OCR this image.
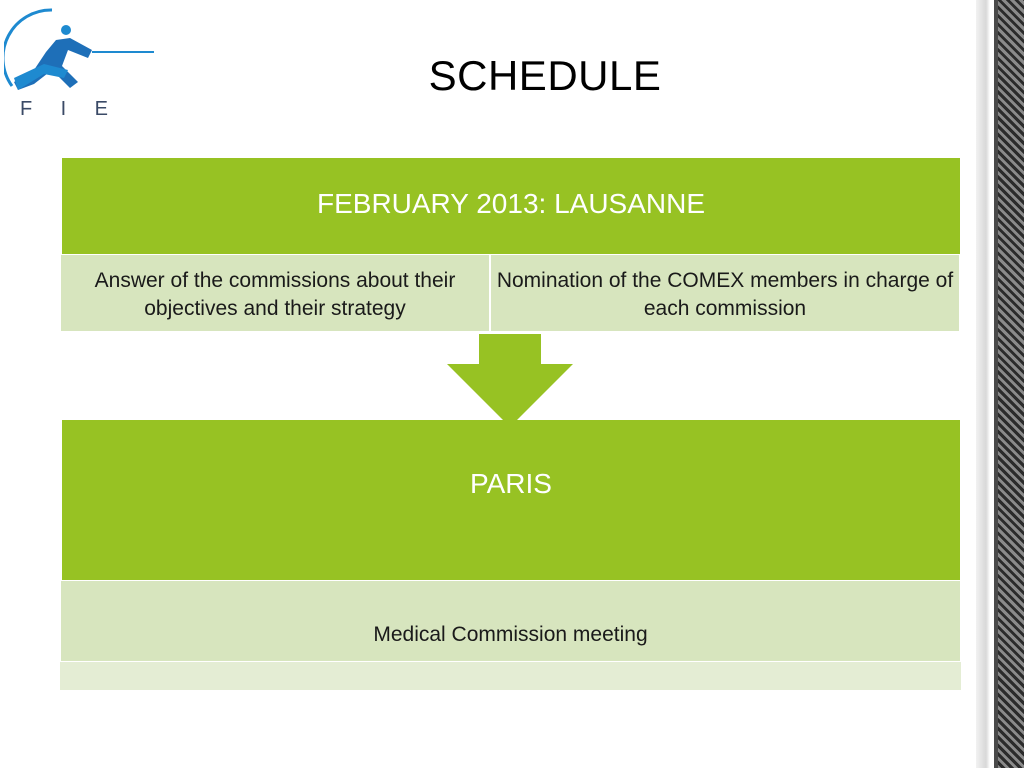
F I E
SCHEDULE
FEBRUARY 2013: LAUSANNE
Answer of the commissions about their objectives and their strategy
Nomination of the COMEX members in charge of each commission
PARIS
Medical Commission meeting
